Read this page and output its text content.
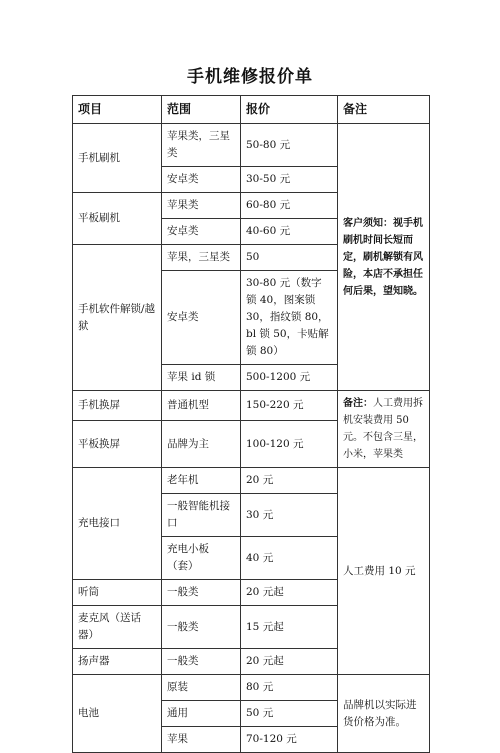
手机维修报价单
项目	范围	报价	备注
手机刷机	苹果类，三星类	50-80 元	客户须知：视手机刷机时间长短而定，刷机解锁有风险，本店不承担任何后果，望知晓。
	安卓类	30-50 元	
平板刷机	苹果类	60-80 元	
	安卓类	40-60 元	
手机软件解锁/越狱	苹果，三星类	50	
	安卓类	30-80 元（数字锁 40，图案锁 30，指纹锁 80，bl 锁 50，卡贴解锁 80）	
	苹果 id 锁	500-1200 元	
手机换屏	普通机型	150-220 元	备注：人工费用拆机安装费用 50 元。不包含三星，小米，苹果类
平板换屏	品牌为主	100-120 元	
充电接口	老年机	20 元	人工费用 10 元
	一般智能机接口	30 元	
	充电小板（套）	40 元	
听筒	一般类	20 元起	
麦克风（送话器）	一般类	15 元起	
扬声器	一般类	20 元起	
电池	原装	80 元	品牌机以实际进货价格为准。
	通用	50 元	
	苹果	70-120 元	
